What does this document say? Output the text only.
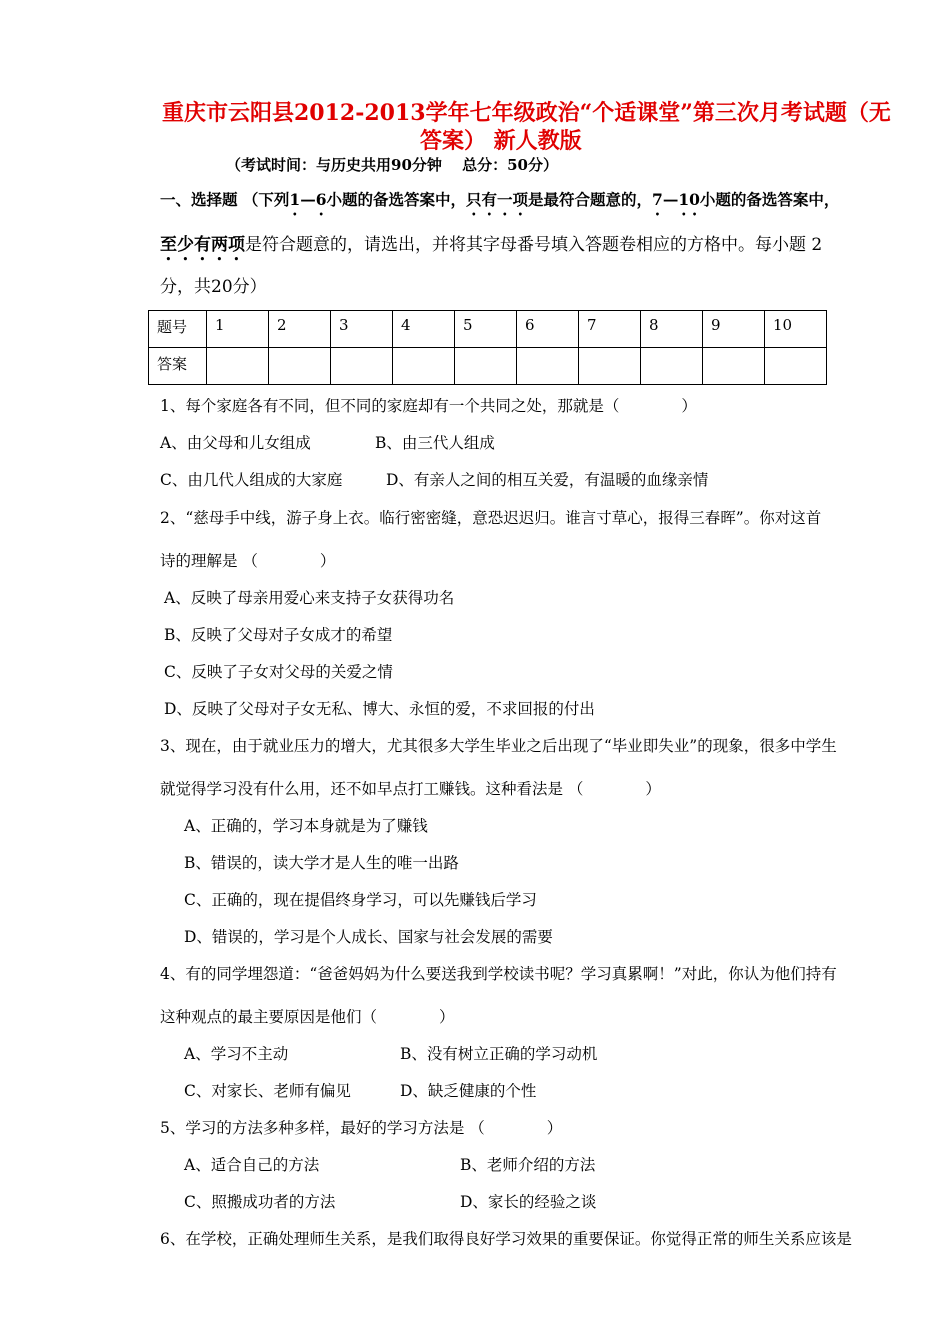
重庆市云阳县2012-2013学年七年级政治“个适课堂”第三次月考试题（无
答案） 新人教版
（考试时间：与历史共用90分钟　 总分：50分）
一、选择题 （下列1—6小题的备选答案中，只有一项是最符合题意的，7—10小题的备选答案中，
至少有两项是符合题意的，请选出，并将其字母番号填入答题卷相应的方格中。每小题 2
分，共20分）
题号	1	2	3	4	5	6	7	8	9	10
答案										
1、每个家庭各有不同，但不同的家庭却有一个共同之处，那就是（　　　　）
A、由父母和儿女组成	B、由三代人组成
C、由几代人组成的大家庭	D、有亲人之间的相互关爱，有温暖的血缘亲情
2、“慈母手中线，游子身上衣。临行密密缝，意恐迟迟归。谁言寸草心，报得三春晖”。你对这首
诗的理解是 （　　　　）
A、反映了母亲用爱心来支持子女获得功名
B、反映了父母对子女成才的希望
C、反映了子女对父母的关爱之情
D、反映了父母对子女无私、博大、永恒的爱，不求回报的付出
3、现在，由于就业压力的增大，尤其很多大学生毕业之后出现了“毕业即失业”的现象，很多中学生
就觉得学习没有什么用，还不如早点打工赚钱。这种看法是 （　　　　）
A、正确的，学习本身就是为了赚钱
B、错误的，读大学才是人生的唯一出路
C、正确的，现在提倡终身学习，可以先赚钱后学习
D、错误的，学习是个人成长、国家与社会发展的需要
4、有的同学埋怨道：“爸爸妈妈为什么要送我到学校读书呢？学习真累啊！”对此，你认为他们持有
这种观点的最主要原因是他们（　　　　）
A、学习不主动	B、没有树立正确的学习动机
C、对家长、老师有偏见	D、缺乏健康的个性
5、学习的方法多种多样，最好的学习方法是 （　　　　）
A、适合自己的方法	B、老师介绍的方法
C、照搬成功者的方法	D、家长的经验之谈
6、在学校，正确处理师生关系，是我们取得良好学习效果的重要保证。你觉得正常的师生关系应该是
